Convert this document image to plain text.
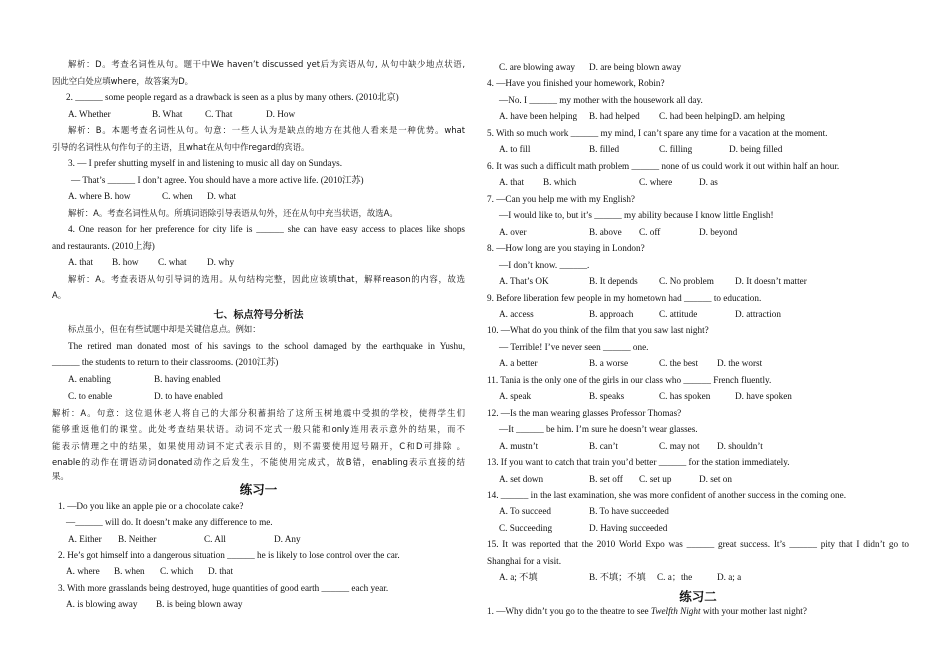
七、标点符号分析法
练习一
解析：D。考查名词性从句。题干中We haven’t discussed yet后为宾语从句, 从句中缺少地点状语,
因此空白处应填where，故答案为D。
2. ______ some people regard as a drawback is seen as a plus by many others. (2010北京)
解析：B。本题考查名词性从句。句意：一些人认为是缺点的地方在其他人看来是一种优势。what
引导的名词性从句作句子的主语，且what在从句中作regard的宾语。
3. — I prefer shutting myself in and listening to music all day on Sundays.
— That’s ______ I don’t agree. You should have a more active life. (2010江苏)
解析：A。考查名词性从句。所填词语除引导表语从句外，还在从句中充当状语，故选A。
4. One reason for her preference for city life is ______ she can have easy access to places like shops
and restaurants. (2010上海)
解析：A。考查表语从句引导词的选用。从句结构完整，因此应该填that，解释reason的内容，故选
A。
标点虽小，但在有些试题中却是关键信息点。例如：
The retired man donated most of his savings to the school damaged by the earthquake in Yushu,
______ the students to return to their classrooms. (2010江苏)
解析：A。句意：这位退休老人将自己的大部分积蓄捐给了这所玉树地震中受损的学校，使得学生们
能够重返他们的课堂。此处考查结果状语。动词不定式一般只能和only连用表示意外的结果，而不
能表示情理之中的结果，如果使用动词不定式表示目的，则不需要使用逗号隔开，C和D可排除 。
enable的动作在谓语动词donated动作之后发生，不能使用完成式，故B错，enabling表示直接的结
果。
1. —Do you like an apple pie or a chocolate cake?
—______ will do. It doesn’t make any difference to me.
2. He’s got himself into a dangerous situation ______ he is likely to lose control over the car.
3. With more grasslands being destroyed, huge quantities of good earth ______ each year.
A. Whether	B. What C. That	D. How
A. where B. how	C. when D. what
A. that B. how C. what D. why
A. enabling	B. having enabled
C. to enable	D. to have enabled
A. Either B. Neither	C. All	D. Any
A. where B. when C. which D. that
A. is blowing away B. is being blown away	练习二
1. —Why didn’t you go to the theatre to see Twelfth Night with your mother last night?
4. —Have you finished your homework, Robin?
—No. I ______ my mother with the housework all day.
5. With so much work ______ my mind, I can’t spare any time for a vacation at the moment.
6. It was such a difficult math problem ______ none of us could work it out within half an hour.
7. —Can you help me with my English?
—I would like to, but it’s ______ my ability because I know little English!
8. —How long are you staying in London?
—I don’t know. ______.
9. Before liberation few people in my hometown had ______ to education.
10. —What do you think of the film that you saw last night?
— Terrible! I’ve never seen ______ one.
11. Tania is the only one of the girls in our class who ______ French fluently.
12. —Is the man wearing glasses Professor Thomas?
—It ______ be him. I’m sure he doesn’t wear glasses.
13. If you want to catch that train you’d better ______ for the station immediately.
14. ______ in the last examination, she was more confident of another success in the coming one.
15. It was reported that the 2010 World Expo was ______ great success. It’s ______ pity that I didn’t go to
Shanghai for a visit.
C. are blowing away D. are being blown away
A. have been helping B. had helped C. had been helpingD. am helping
A. to fill	B. filled	C. filling	D. being filled
A. that B. which	C. where	D. as
A. over	B. above C. off	D. beyond
A. That’s OK	B. It depends C. No problem D. It doesn’t matter
A. access	B. approach	C. attitude	D. attraction
A. a better	B. a worse	C. the best D. the worst
A. speak	B. speaks	C. has spoken	D. have spoken
A. mustn’t	B. can’t	C. may not D. shouldn’t
A. set down	B. set off C. set up	D. set on
A. To succeed	B. To have succeeded
C. Succeeding	D. Having succeeded
A. a; 不填	B. 不填；不填 C. a；the	D. a; a
